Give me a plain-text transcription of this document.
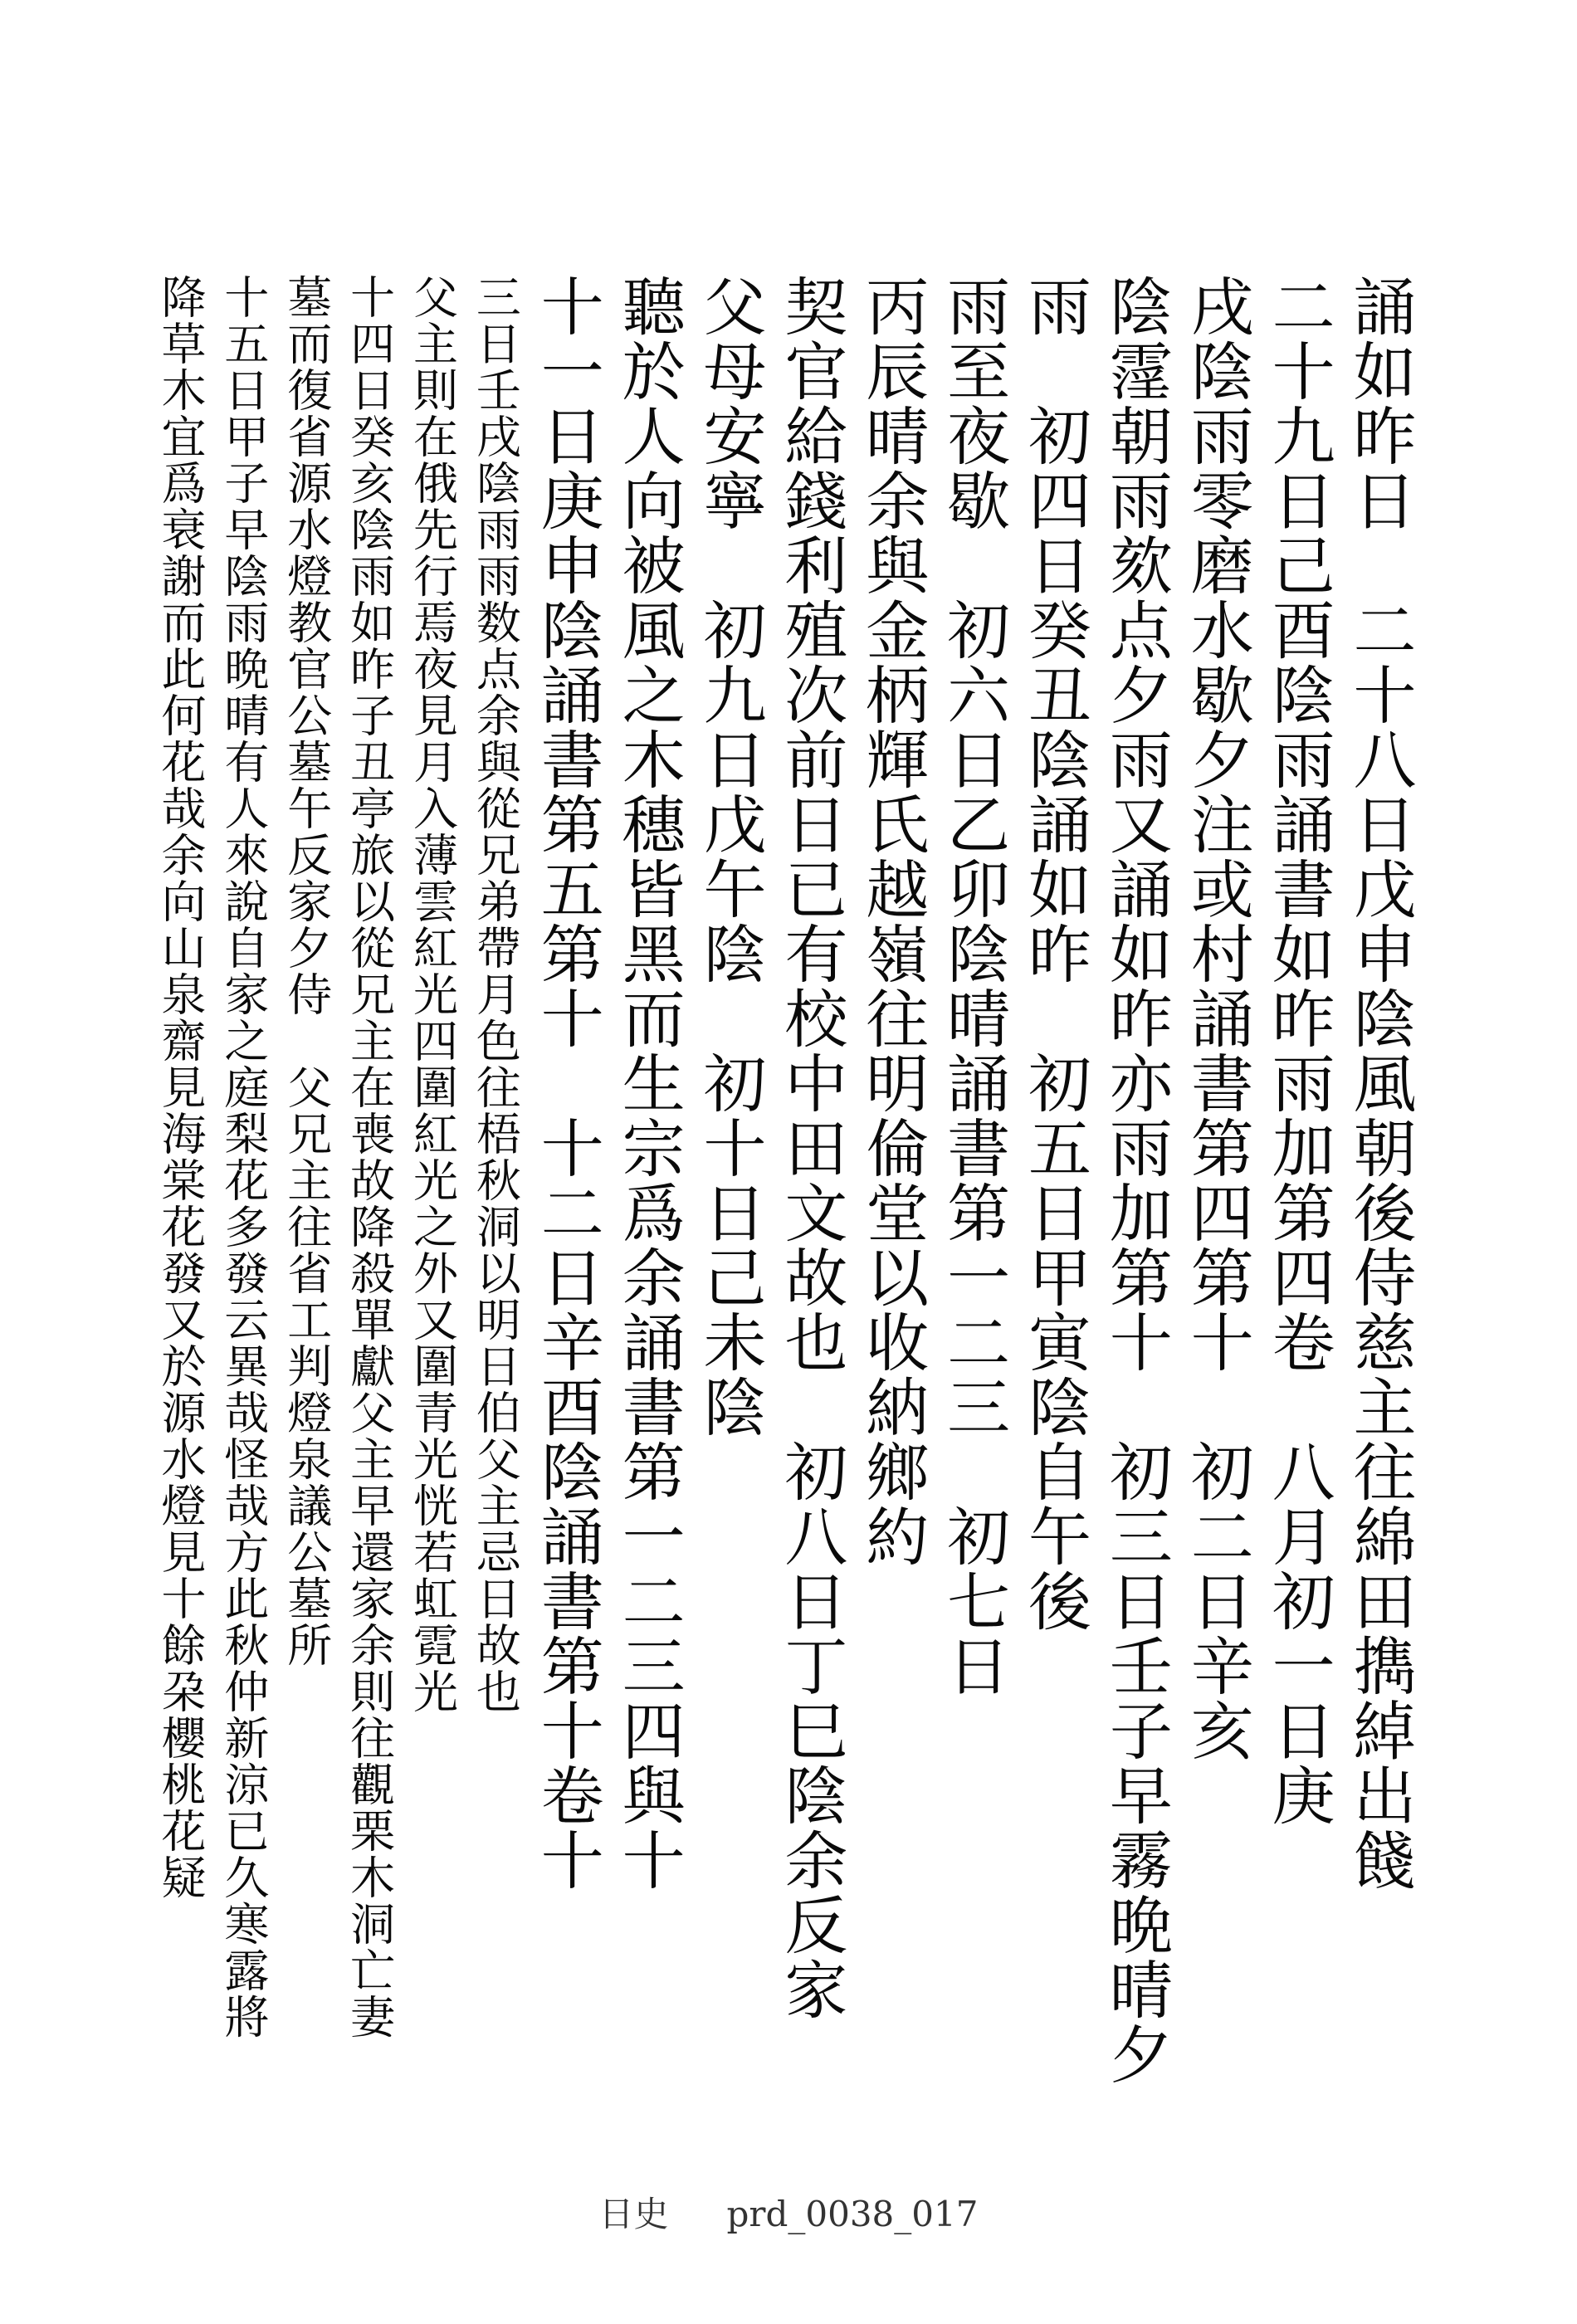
誦如昨日　二十八日戊申陰風朝後侍慈主往綿田擕綽出餞
二十九日己酉陰雨誦書如昨雨加第四卷　八月初一日庚
戌陰雨零磨水歇夕注或村誦書第四第十　初二日辛亥
陰霪朝雨欬点夕雨又誦如昨亦雨加第十　初三日壬子早霧晩晴夕
雨　初四日癸丑陰誦如昨　初五日甲寅陰自午後
雨至夜歇　初六日乙卯陰晴誦書第一二三　初七日
丙辰晴余與金柄輝氏越嶺往明倫堂以收納鄉約
契官給錢利殖次前日已有校中田文故也　初八日丁巳陰余反家
父母安寧　初九日戊午陰　初十日己未陰
聽於人向被風之木穗皆黑而生宗爲余誦書第一二三四與十
十一日庚申陰誦書第五第十　十二日辛酉陰誦書第十卷十
三日壬戌陰雨雨数点余與從兄弟帶月色往梧秋洞以明日伯父主忌日故也
父主則在俄先行焉夜見月入薄雲紅光四圍紅光之外又圍青光恍若虹霓光
十四日癸亥陰雨如昨子丑亭旅以從兄主在喪故降殺單獻父主早還家余則往觀栗木洞亡妻
墓而復省源水燈教官公墓午反家夕侍　父兄主往省工判燈泉議公墓所
十五日甲子早陰雨晩晴有人來說自家之庭梨花多發云異哉怪哉方此秋仲新涼已久寒露將
降草木宜爲衰謝而此何花哉余向山泉齋見海棠花發又於源水燈見十餘朶櫻桃花疑
日史 prd_0038_017
